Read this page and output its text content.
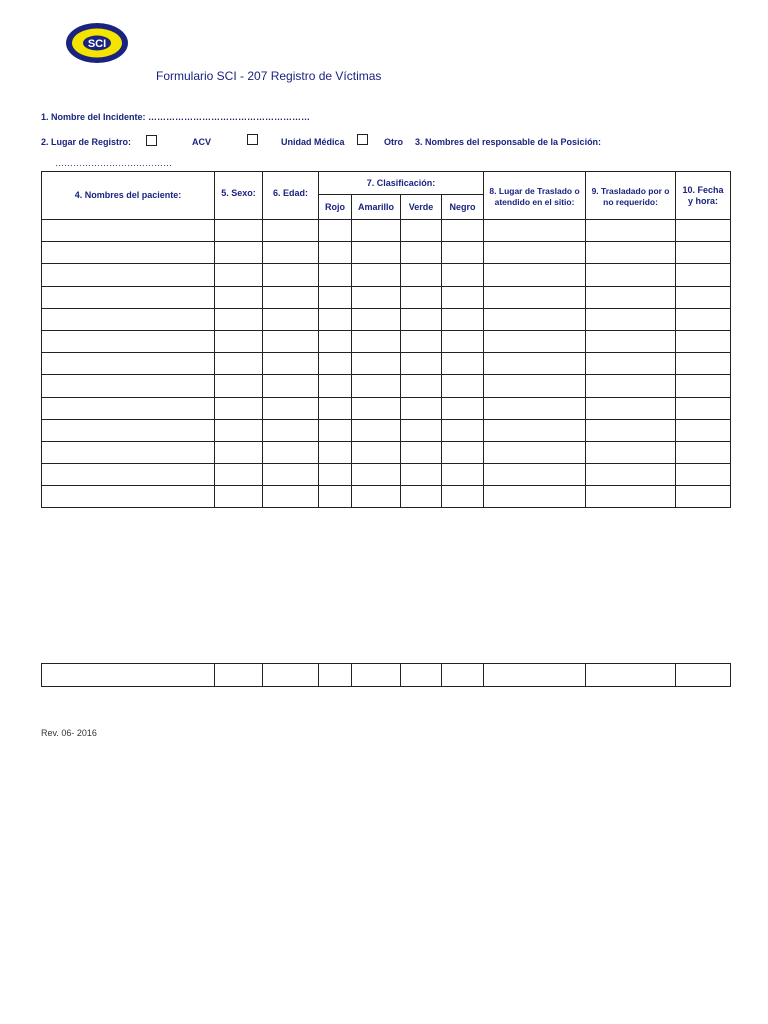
SCI
Formulario SCI - 207 Registro de Víctimas
1. Nombre del Incidente: ………………………………………………
2. Lugar de Registro:	ACV	Unidad Médica	Otro 3. Nombres del responsable de la Posición:
…………………………………
4. Nombres del paciente:	5. Sexo:	6. Edad:	7. Clasificación:				8. Lugar de Traslado o atendido en el sitio:	9. Trasladado por o no requerido:	10. Fecha y hora:
			Rojo	Amarillo	Verde	Negro			

Rev. 06- 2016
